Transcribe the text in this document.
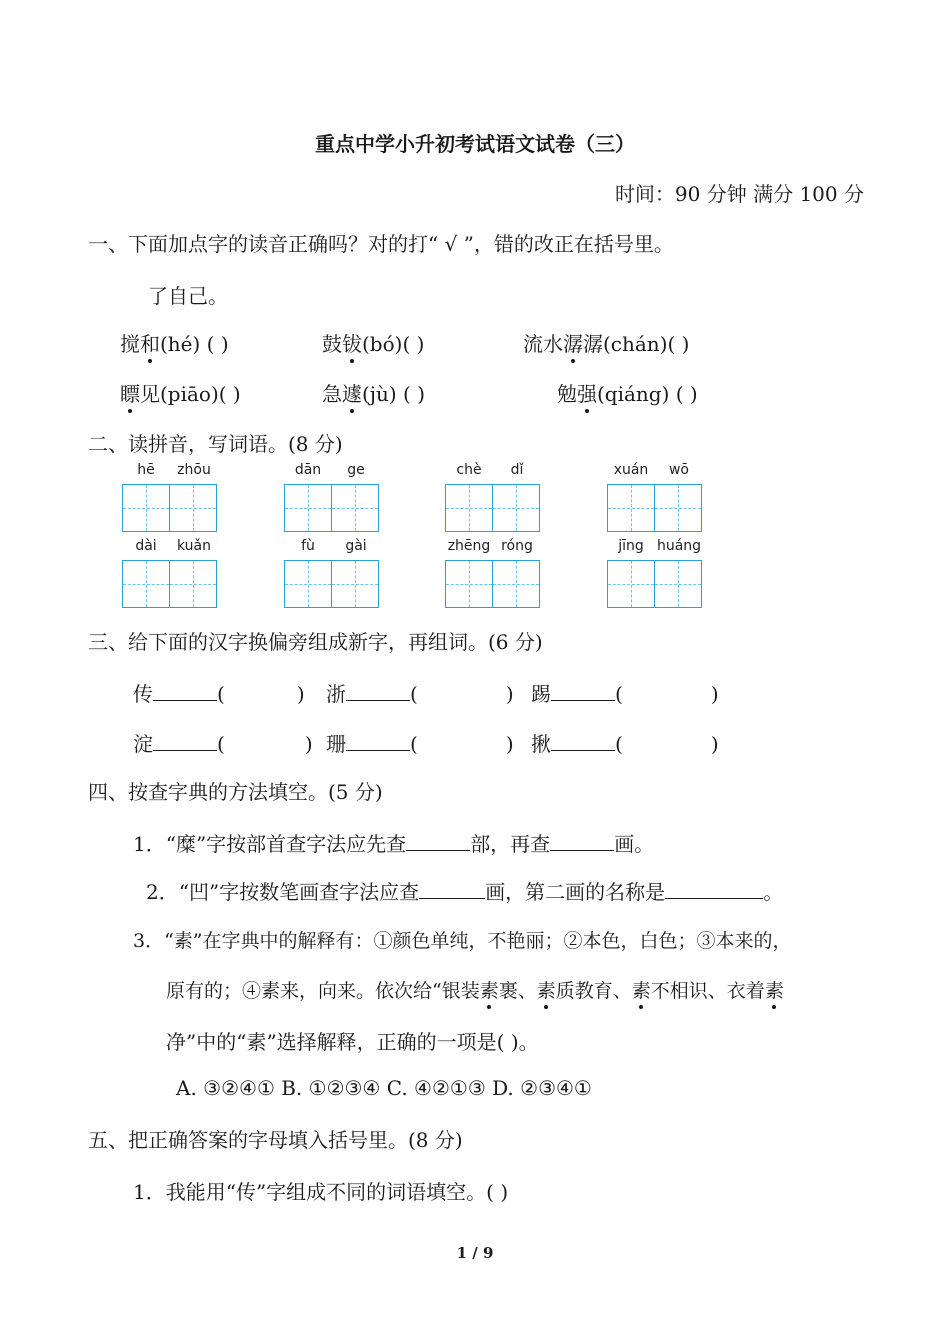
重点中学小升初考试语文试卷（三）
时间：90 分钟 满分 100 分
一、下面加点字的读音正确吗？对的打“ √ ”，错的改正在括号里。
了自己。
搅和(hé) ( )	鼓钹(bó)( )	流水潺潺(chán)( )
瞟见(piāo)( )	急遽(jù) ( )	勉强(qiáng) ( )
二、读拼音，写词语。(8 分)
hē	zhōu	dān	ge	chè	dǐ	xuán	wō
dài	kuǎn	fù	gài	zhēng róng	jīng huáng
三、给下面的汉字换偏旁组成新字，再组词。(6 分)
传	(	) 浙	(	) 踢	(	)
淀	(	) 珊	(	) 揪	(	)
四、按查字典的方法填空。(5 分)
1．“糜”字按部首查字法应先查	部，再查	画。
2．“凹”字按数笔画查字法应查	画，第二画的名称是	。
3．“素”在字典中的解释有：①颜色单纯，不艳丽；②本色，白色；③本来的，
原有的；④素来，向来。依次给“银装素裹、素质教育、素不相识、衣着素
净”中的“素”选择解释，正确的一项是( )。
A. ③②④① B. ①②③④ C. ④②①③ D. ②③④①
五、把正确答案的字母填入括号里。(8 分)
1．我能用“传”字组成不同的词语填空。( )
1 / 9
